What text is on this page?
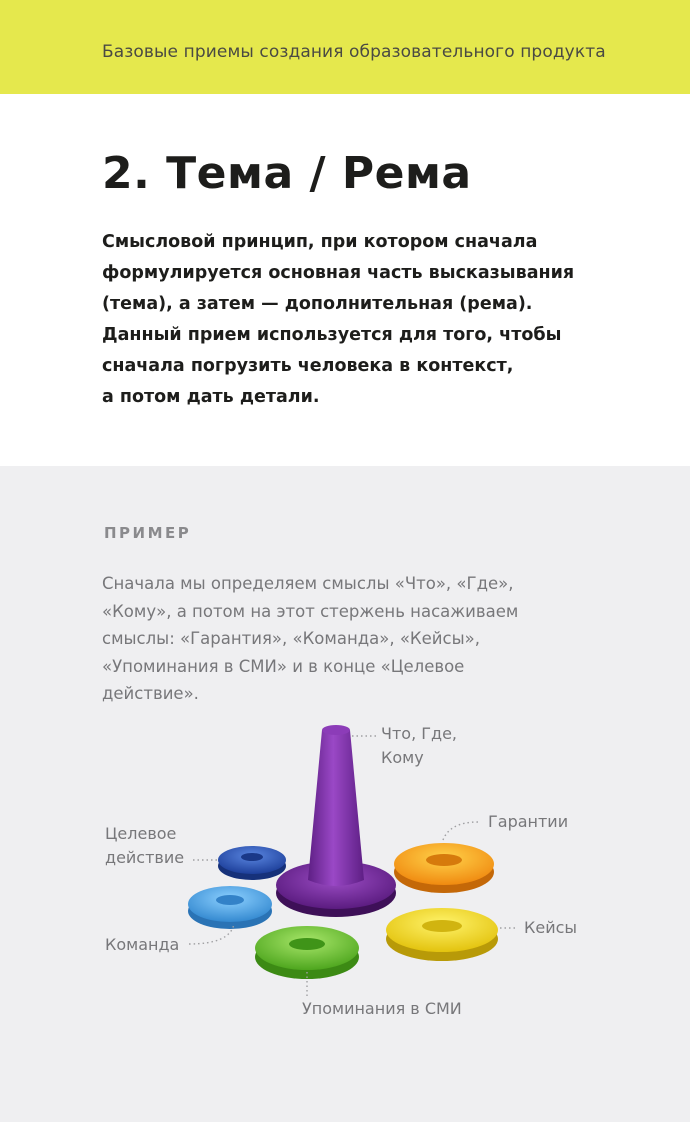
Базовые приемы создания образовательного продукта
2. Тема / Рема
Смысловой принцип, при котором сначала
формулируется основная часть высказывания
(тема), а затем — дополнительная (рема).
Данный прием используется для того, чтобы
сначала погрузить человека в контекст,
а потом дать детали.
ПРИМЕР
Сначала мы определяем смыслы «Что», «Где»,
«Кому», а потом на этот стержень насаживаем
смыслы: «Гарантия», «Команда», «Кейсы»,
«Упоминания в СМИ» и в конце «Целевое
действие».
Что, Где,
Кому
Гарантии
Целевое
действие
Кейсы
Команда
Упоминания в СМИ
